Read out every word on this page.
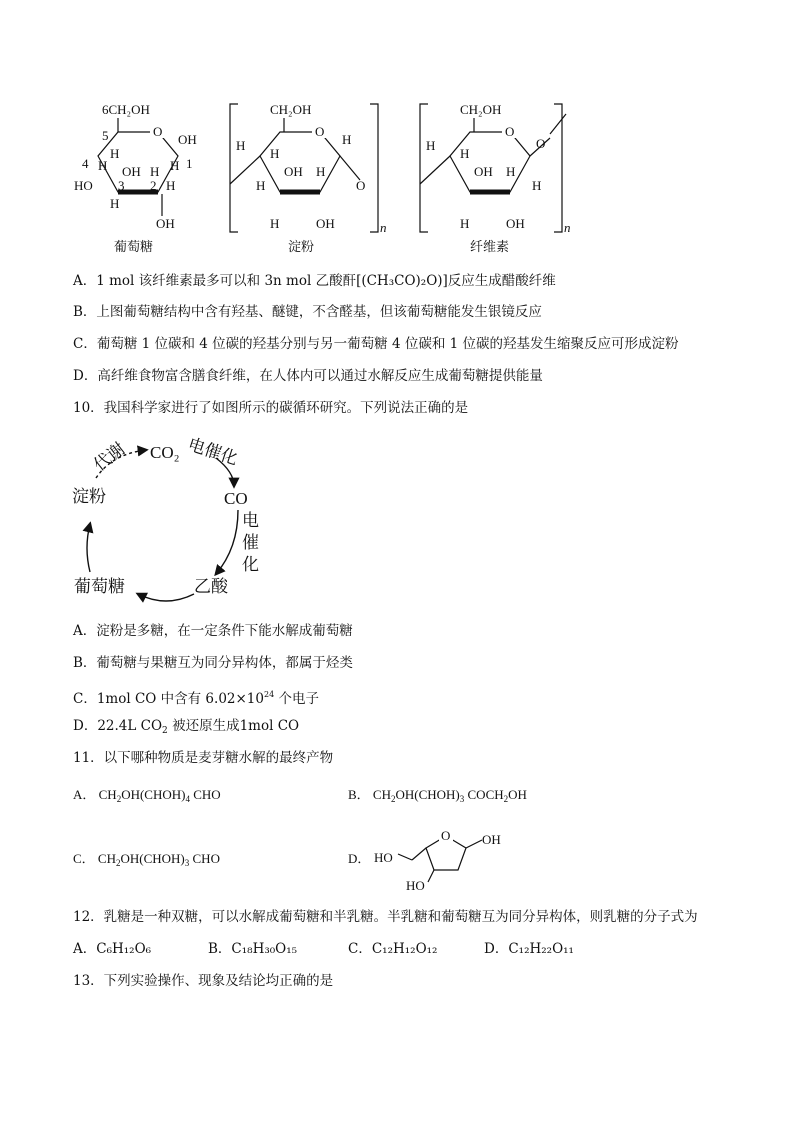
6CH₂OH
5	O
OH
H
1
4	H
H OH H
HO 3 2 H
H
OH
葡萄糖
CH₂OH
O
H
H
H
OH H
H	O
H	OH	n
淀粉
CH₂OH
O
O
H
H
OH H
H
H	OH	n
纤维素
A．1 mol 该纤维素最多可以和 3n mol 乙酸酐[(CH₃CO)₂O)]反应生成醋酸纤维
B．上图葡萄糖结构中含有羟基、醚键，不含醛基，但该葡萄糖能发生银镜反应
C．葡萄糖 1 位碳和 4 位碳的羟基分别与另一葡萄糖 4 位碳和 1 位碳的羟基发生缩聚反应可形成淀粉
D．高纤维食物富含膳食纤维，在人体内可以通过水解反应生成葡萄糖提供能量
10．我国科学家进行了如图所示的碳循环研究。下列说法正确的是
CO₂
CO
乙酸
葡萄糖
淀粉
代谢	电催化
电
催
化
A．淀粉是多糖，在一定条件下能水解成葡萄糖
B．葡萄糖与果糖互为同分异构体，都属于烃类
C．1mol CO 中含有 $6.02\times 10^{24}$ 个电子
D．22.4L $CO_2$ 被还原生成1mol CO
11．以下哪种物质是麦芽糖水解的最终产物
A． $CH_2OH(CHOH)_4$ CHO	B． $CH_2OH(CHOH)_3$ $COCH_2OH$
C． $CH_2OH(CHOH)_3$ CHO	D．
O OH
HO
HO
12．乳糖是一种双糖，可以水解成葡萄糖和半乳糖。半乳糖和葡萄糖互为同分异构体，则乳糖的分子式为
A．C₆H₁₂O₆	B．C₁₈H₃₀O₁₅	C．C₁₂H₁₂O₁₂	D．C₁₂H₂₂O₁₁
13．下列实验操作、现象及结论均正确的是
